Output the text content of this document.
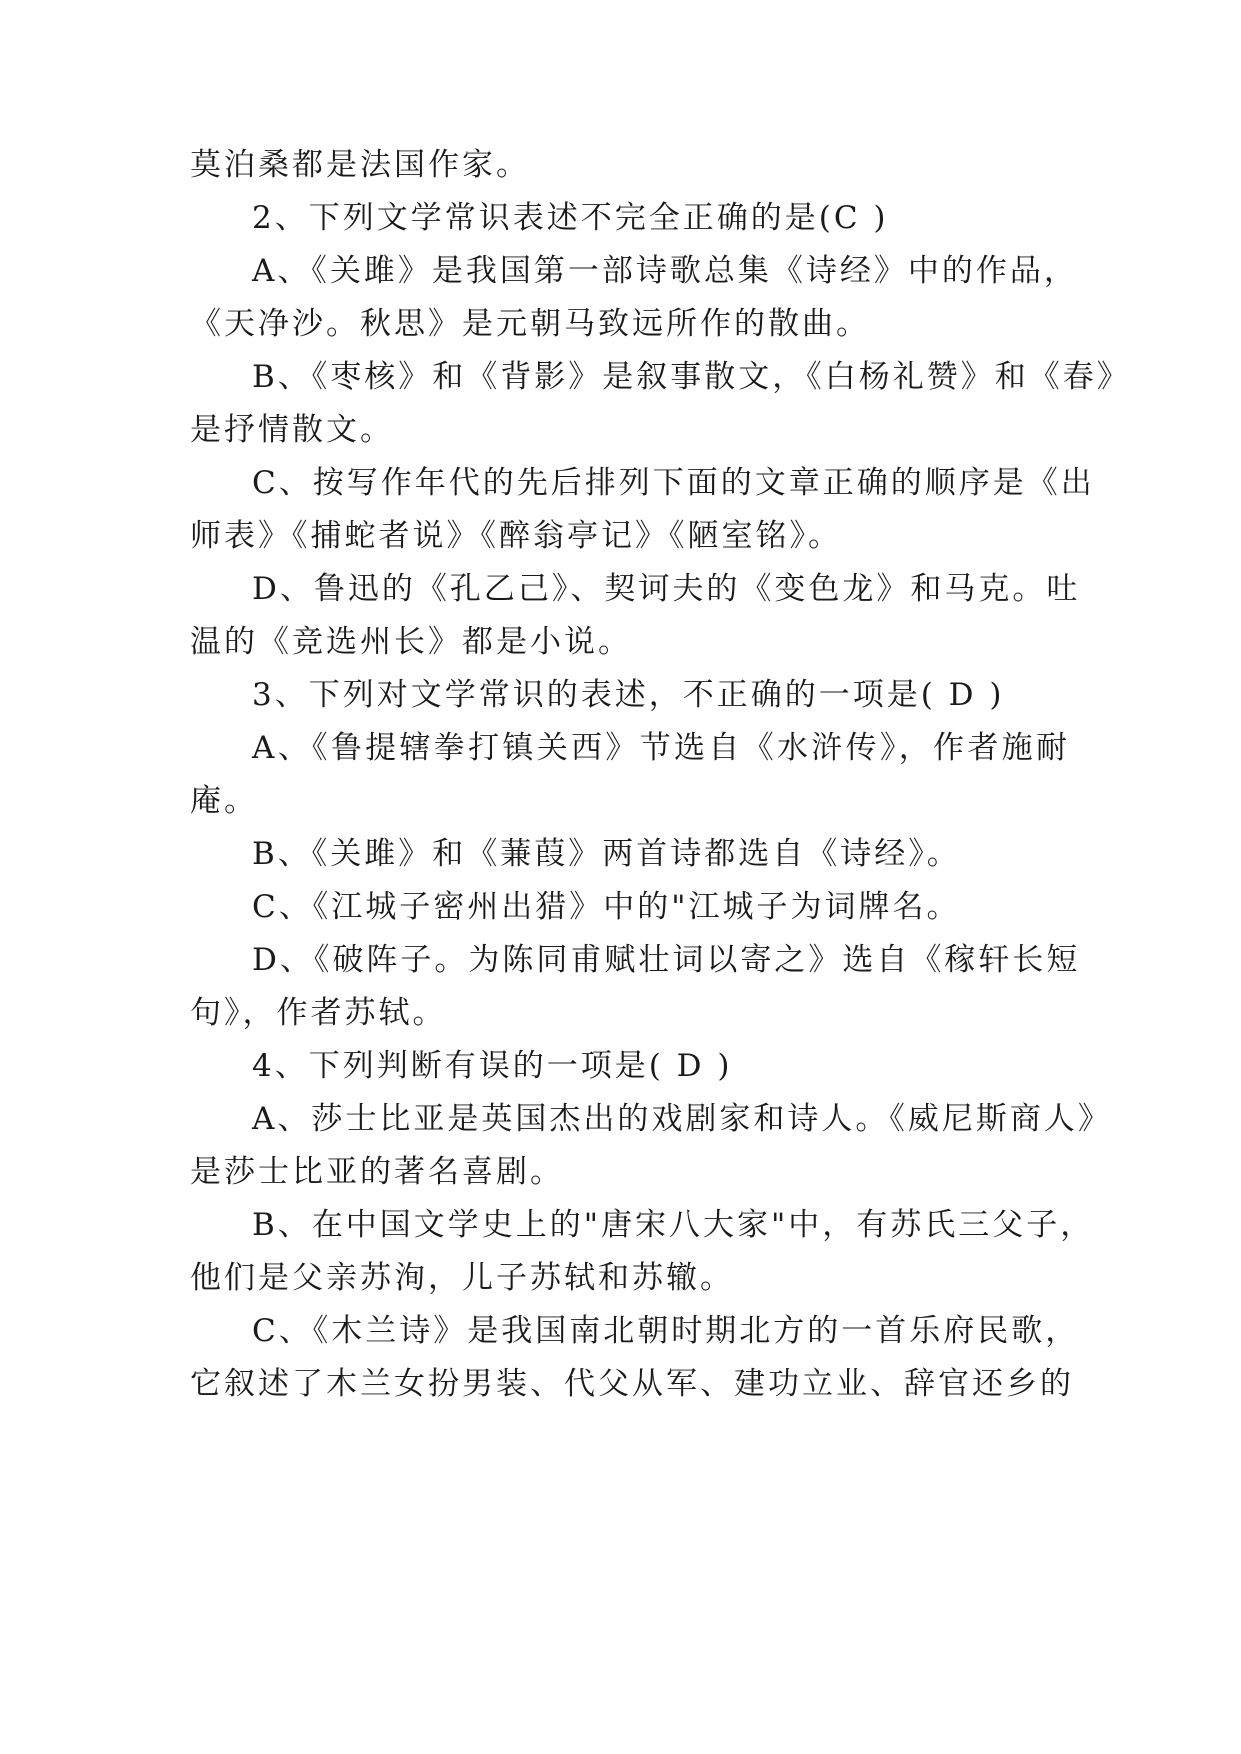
莫泊桑都是法国作家。
2、下列文学常识表述不完全正确的是(C )
A、《关雎》是我国第一部诗歌总集《诗经》中的作品，
《天净沙。秋思》是元朝马致远所作的散曲。
B、《枣核》和《背影》是叙事散文，《白杨礼赞》和《春》
是抒情散文。
C、按写作年代的先后排列下面的文章正确的顺序是《出
师表》《捕蛇者说》《醉翁亭记》《陋室铭》。
D、鲁迅的《孔乙己》、契诃夫的《变色龙》和马克。吐
温的《竞选州长》都是小说。
3、下列对文学常识的表述，不正确的一项是( D )
A、《鲁提辖拳打镇关西》节选自《水浒传》，作者施耐
庵。
B、《关雎》和《蒹葭》两首诗都选自《诗经》。
C、《江城子密州出猎》中的"江城子为词牌名。
D、《破阵子。为陈同甫赋壮词以寄之》选自《稼轩长短
句》，作者苏轼。
4、下列判断有误的一项是( D )
A、莎士比亚是英国杰出的戏剧家和诗人。《威尼斯商人》
是莎士比亚的著名喜剧。
B、在中国文学史上的"唐宋八大家"中，有苏氏三父子，
他们是父亲苏洵，儿子苏轼和苏辙。
C、《木兰诗》是我国南北朝时期北方的一首乐府民歌，
它叙述了木兰女扮男装、代父从军、建功立业、辞官还乡的
